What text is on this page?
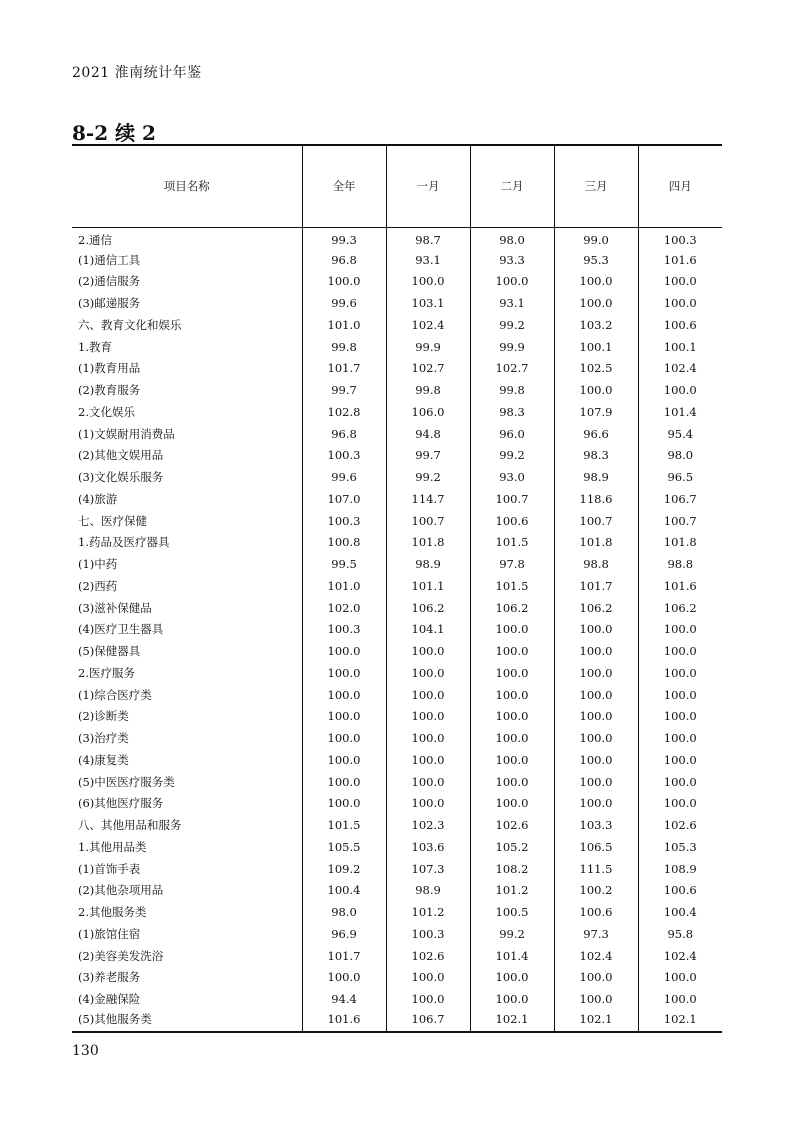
2021 淮南统计年鉴
8-2 续 2
项目名称	全年	一月	二月	三月	四月
2.通信	99.3	98.7	98.0	99.0	100.3
(1)通信工具	96.8	93.1	93.3	95.3	101.6
(2)通信服务	100.0	100.0	100.0	100.0	100.0
(3)邮递服务	99.6	103.1	93.1	100.0	100.0
六、教育文化和娱乐	101.0	102.4	99.2	103.2	100.6
1.教育	99.8	99.9	99.9	100.1	100.1
(1)教育用品	101.7	102.7	102.7	102.5	102.4
(2)教育服务	99.7	99.8	99.8	100.0	100.0
2.文化娱乐	102.8	106.0	98.3	107.9	101.4
(1)文娱耐用消费品	96.8	94.8	96.0	96.6	95.4
(2)其他文娱用品	100.3	99.7	99.2	98.3	98.0
(3)文化娱乐服务	99.6	99.2	93.0	98.9	96.5
(4)旅游	107.0	114.7	100.7	118.6	106.7
七、医疗保健	100.3	100.7	100.6	100.7	100.7
1.药品及医疗器具	100.8	101.8	101.5	101.8	101.8
(1)中药	99.5	98.9	97.8	98.8	98.8
(2)西药	101.0	101.1	101.5	101.7	101.6
(3)滋补保健品	102.0	106.2	106.2	106.2	106.2
(4)医疗卫生器具	100.3	104.1	100.0	100.0	100.0
(5)保健器具	100.0	100.0	100.0	100.0	100.0
2.医疗服务	100.0	100.0	100.0	100.0	100.0
(1)综合医疗类	100.0	100.0	100.0	100.0	100.0
(2)诊断类	100.0	100.0	100.0	100.0	100.0
(3)治疗类	100.0	100.0	100.0	100.0	100.0
(4)康复类	100.0	100.0	100.0	100.0	100.0
(5)中医医疗服务类	100.0	100.0	100.0	100.0	100.0
(6)其他医疗服务	100.0	100.0	100.0	100.0	100.0
八、其他用品和服务	101.5	102.3	102.6	103.3	102.6
1.其他用品类	105.5	103.6	105.2	106.5	105.3
(1)首饰手表	109.2	107.3	108.2	111.5	108.9
(2)其他杂项用品	100.4	98.9	101.2	100.2	100.6
2.其他服务类	98.0	101.2	100.5	100.6	100.4
(1)旅馆住宿	96.9	100.3	99.2	97.3	95.8
(2)美容美发洗浴	101.7	102.6	101.4	102.4	102.4
(3)养老服务	100.0	100.0	100.0	100.0	100.0
(4)金融保险	94.4	100.0	100.0	100.0	100.0
(5)其他服务类	101.6	106.7	102.1	102.1	102.1
130
